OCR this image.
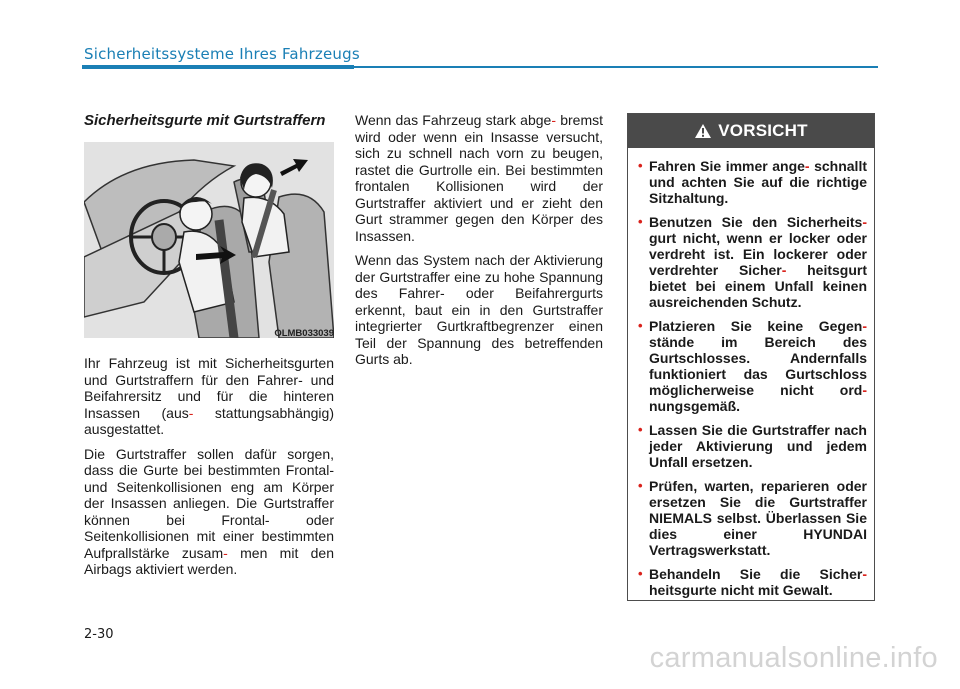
Sicherheitssysteme Ihres Fahrzeugs
Sicherheitsgurte mit Gurtstraffern
OLMB033039

Ihr Fahrzeug ist mit Sicherheitsgurten und Gurtstraffern für den Fahrer- und Beifahrersitz und für die hinteren Insassen (aus- stattungsabhängig) ausgestattet.

Die Gurtstraffer sollen dafür sorgen, dass die Gurte bei bestimmten Frontal- und Seitenkollisionen eng am Körper der Insassen anliegen. Die Gurtstraffer können bei Frontal- oder Seitenkollisionen mit einer bestimmten Aufprallstärke zusam- men mit den Airbags aktiviert werden.

Wenn das Fahrzeug stark abge- bremst wird oder wenn ein Insasse versucht, sich zu schnell nach vorn zu beugen, rastet die Gurtrolle ein. Bei bestimmten frontalen Kollisionen wird der Gurtstraffer aktiviert und er zieht den Gurt strammer gegen den Körper des Insassen.

Wenn das System nach der Aktivierung der Gurtstraffer eine zu hohe Spannung des Fahrer- oder Beifahrergurts erkennt, baut ein in den Gurtstraffer integrierter Gurtkraftbegrenzer einen Teil der Spannung des betreffenden Gurts ab.

VORSICHT
• Fahren Sie immer ange- schnallt und achten Sie auf die richtige Sitzhaltung.
• Benutzen Sie den Sicherheits- gurt nicht, wenn er locker oder verdreht ist. Ein lockerer oder verdrehter Sicher- heitsgurt bietet bei einem Unfall keinen ausreichenden Schutz.
• Platzieren Sie keine Gegen- stände im Bereich des Gurtschlosses. Andernfalls funktioniert das Gurtschloss möglicherweise nicht ord- nungsgemäß.
• Lassen Sie die Gurtstraffer nach jeder Aktivierung und jedem Unfall ersetzen.
• Prüfen, warten, reparieren oder ersetzen Sie die Gurtstraffer NIEMALS selbst. Überlassen Sie dies einer HYUNDAI Vertragswerkstatt.
• Behandeln Sie die Sicher- heitsgurte nicht mit Gewalt.
2-30
carmanualsonline.info
